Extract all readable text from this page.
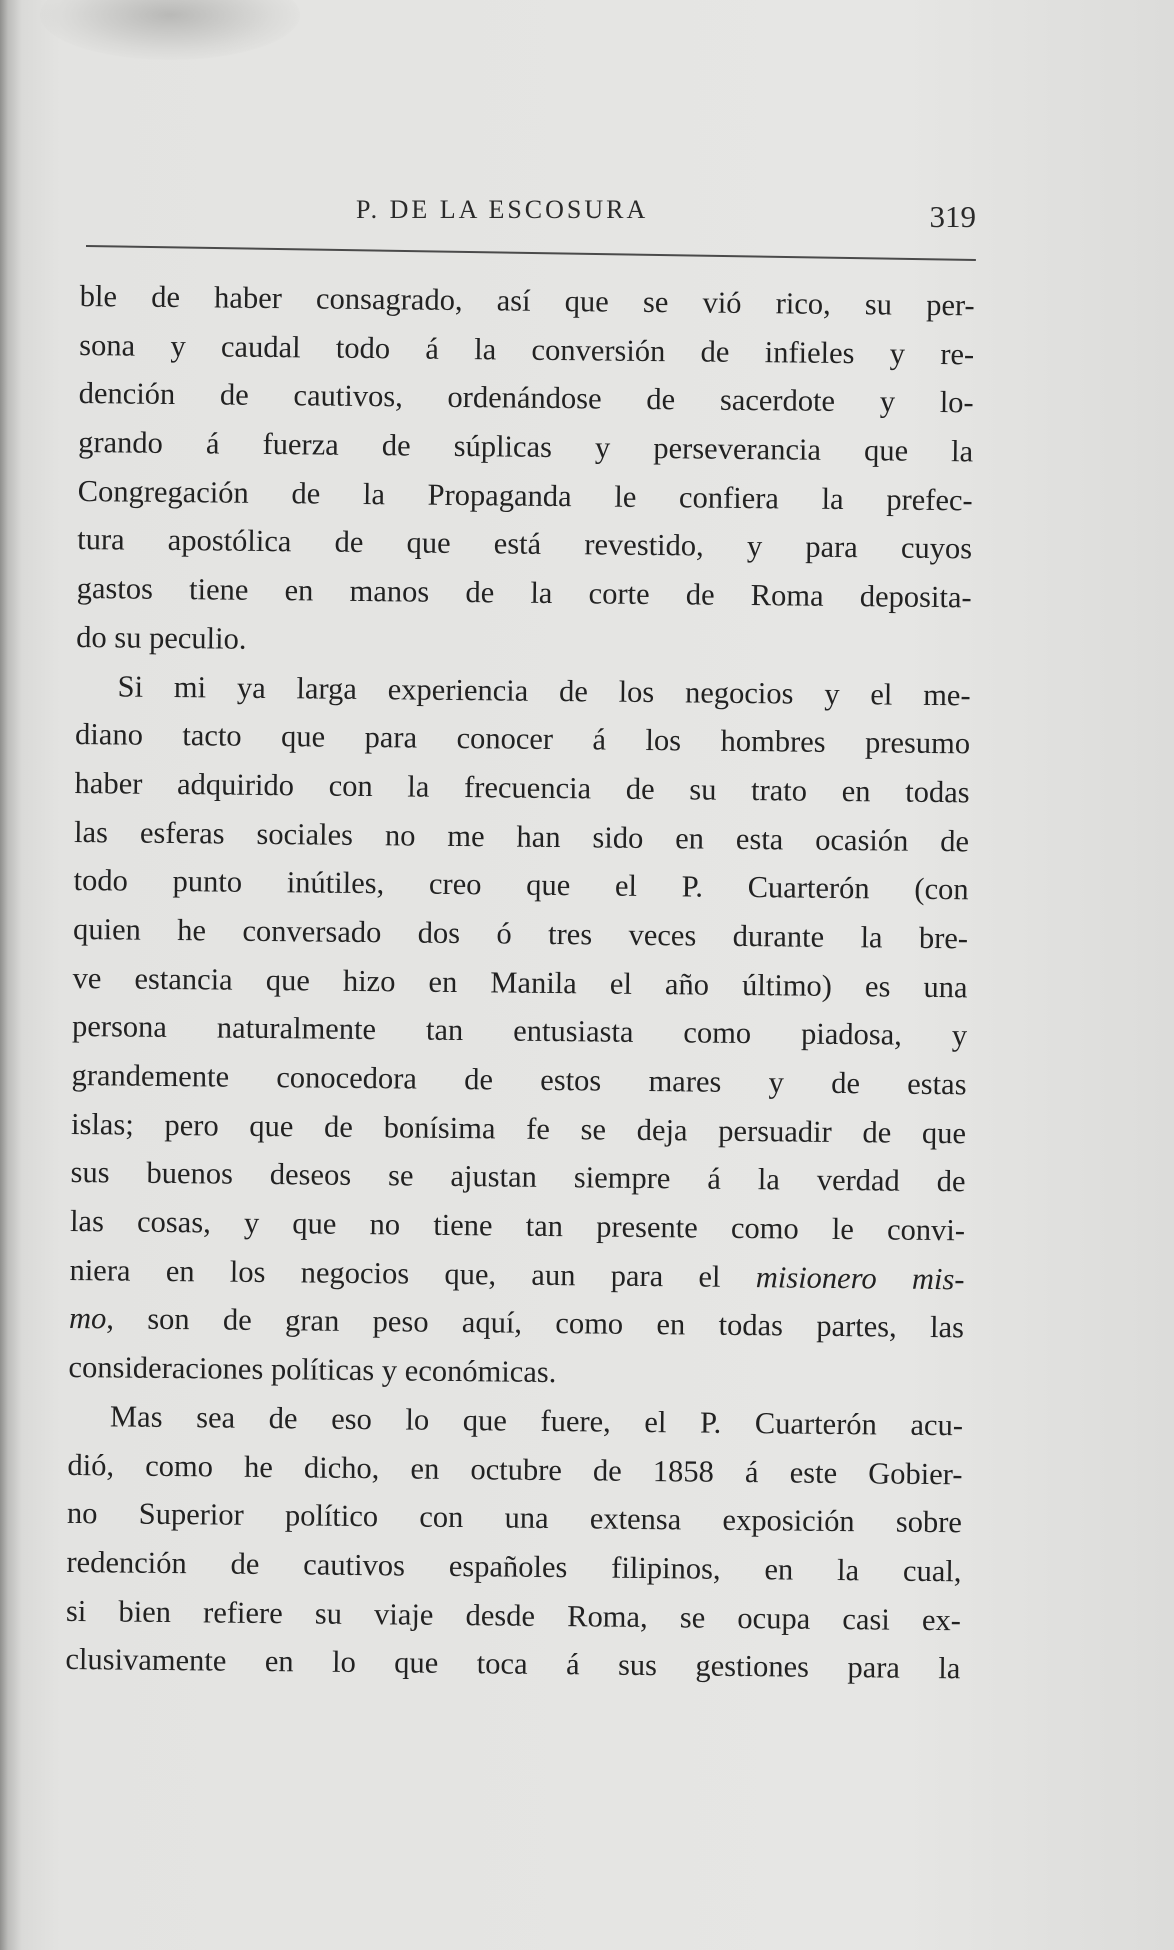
P. DE LA ESCOSURA	319
ble de haber consagrado, así que se vió rico, su per-
sona y caudal todo á la conversión de infieles y re-
dención de cautivos, ordenándose de sacerdote y lo-
grando á fuerza de súplicas y perseverancia que la
Congregación de la Propaganda le confiera la prefec-
tura apostólica de que está revestido, y para cuyos
gastos tiene en manos de la corte de Roma deposita-
do su peculio.
Si mi ya larga experiencia de los negocios y el me-
diano tacto que para conocer á los hombres presumo
haber adquirido con la frecuencia de su trato en todas
las esferas sociales no me han sido en esta ocasión de
todo punto inútiles, creo que el P. Cuarterón (con
quien he conversado dos ó tres veces durante la bre-
ve estancia que hizo en Manila el año último) es una
persona naturalmente tan entusiasta como piadosa, y
grandemente conocedora de estos mares y de estas
islas; pero que de bonísima fe se deja persuadir de que
sus buenos deseos se ajustan siempre á la verdad de
las cosas, y que no tiene tan presente como le convi-
niera en los negocios que, aun para el misionero mis-
mo, son de gran peso aquí, como en todas partes, las
consideraciones políticas y económicas.
Mas sea de eso lo que fuere, el P. Cuarterón acu-
dió, como he dicho, en octubre de 1858 á este Gobier-
no Superior político con una extensa exposición sobre
redención de cautivos españoles filipinos, en la cual,
si bien refiere su viaje desde Roma, se ocupa casi ex-
clusivamente en lo que toca á sus gestiones para la
